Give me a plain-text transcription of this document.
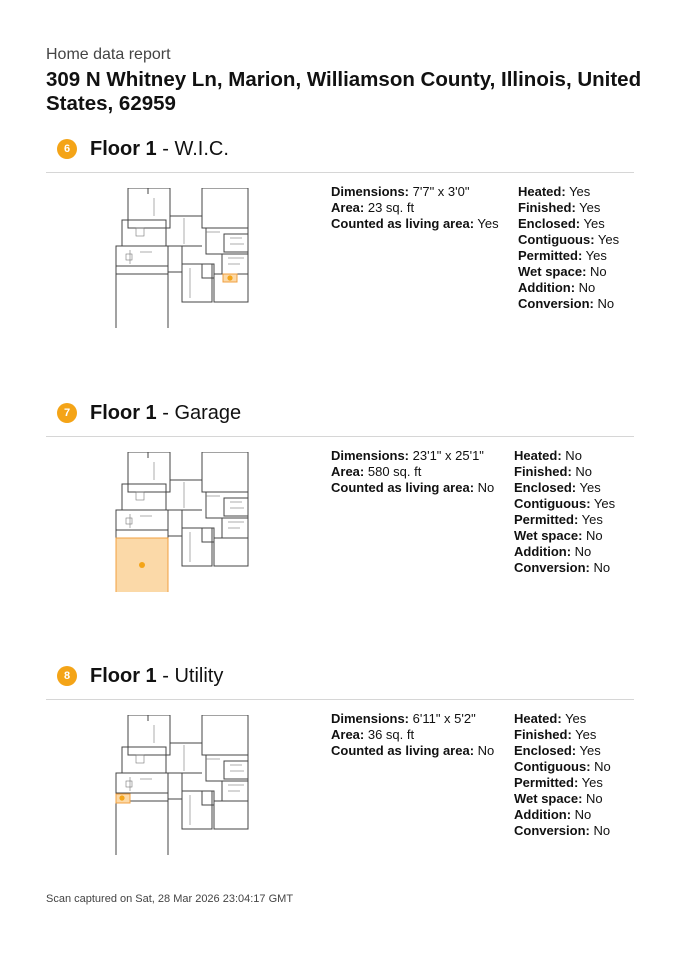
Home data report
309 N Whitney Ln, Marion, Williamson County, Illinois, United States, 62959
6 Floor 1 - W.I.C.
Dimensions: 7'7" x 3'0"
Area: 23 sq. ft
Counted as living area: Yes
Heated: Yes
Finished: Yes
Enclosed: Yes
Contiguous: Yes
Permitted: Yes
Wet space: No
Addition: No
Conversion: No
7 Floor 1 - Garage
Dimensions: 23'1" x 25'1"
Area: 580 sq. ft
Counted as living area: No
Heated: No
Finished: No
Enclosed: Yes
Contiguous: Yes
Permitted: Yes
Wet space: No
Addition: No
Conversion: No
8 Floor 1 - Utility
Dimensions: 6'11" x 5'2"
Area: 36 sq. ft
Counted as living area: No
Heated: Yes
Finished: Yes
Enclosed: Yes
Contiguous: No
Permitted: Yes
Wet space: No
Addition: No
Conversion: No
Scan captured on Sat, 28 Mar 2026 23:04:17 GMT
